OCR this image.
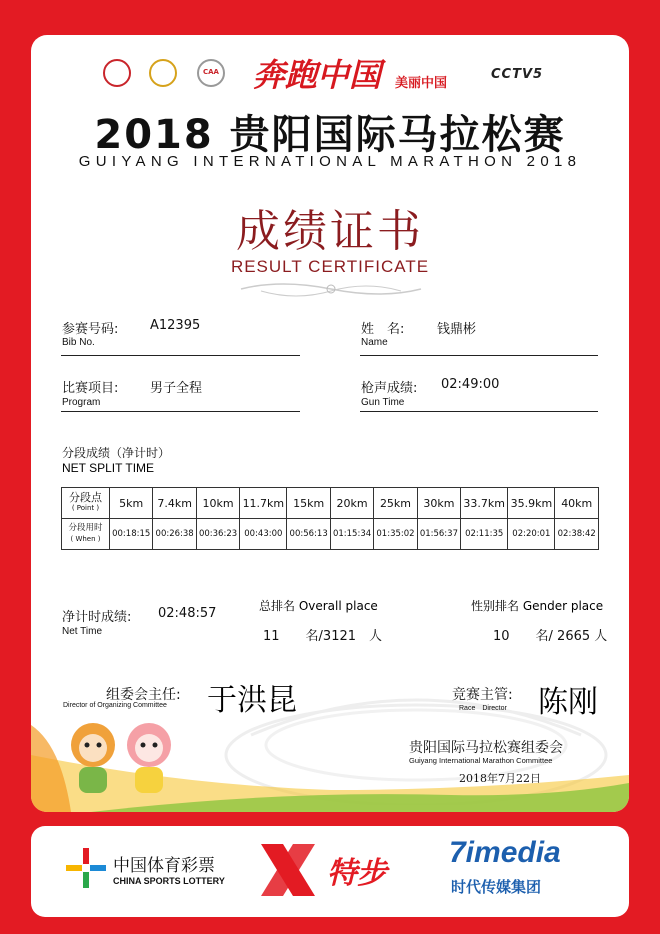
CAA 奔跑中国 美丽中国
CCTV5
2018 贵阳国际马拉松赛
GUIYANG INTERNATIONAL MARATHON 2018
成绩证书
RESULT CERTIFICATE
参赛号码: A12395
Bib No.
姓　名:	钱鼎彬
Name
比赛项目: 男子全程
Program
枪声成绩: 02:49:00
Gun Time
分段成绩（净计时）
NET SPLIT TIME
分段点
( Point )	5km	7.4km	10km	11.7km	15km	20km	25km	30km	33.7km	35.9km	40km
分段用时
( When )	00:18:15	00:26:38	00:36:23	00:43:00	00:56:13	01:15:34	01:35:02	01:56:37	02:11:35	02:20:01	02:38:42
净计时成绩: 02:48:57
Net Time
总排名 Overall place
11　　名/3121　人
性别排名 Gender place
10　　名/ 2665 人
组委会主任:
Director of Organizing Committee 于洪昆	竞赛主管:
Race　Director 陈刚
贵阳国际马拉松赛组委会
Guiyang International Marathon Committee
2018年7月22日
中国体育彩票
CHINA SPORTS LOTTERY	特步
7imedia
时代传媒集团
